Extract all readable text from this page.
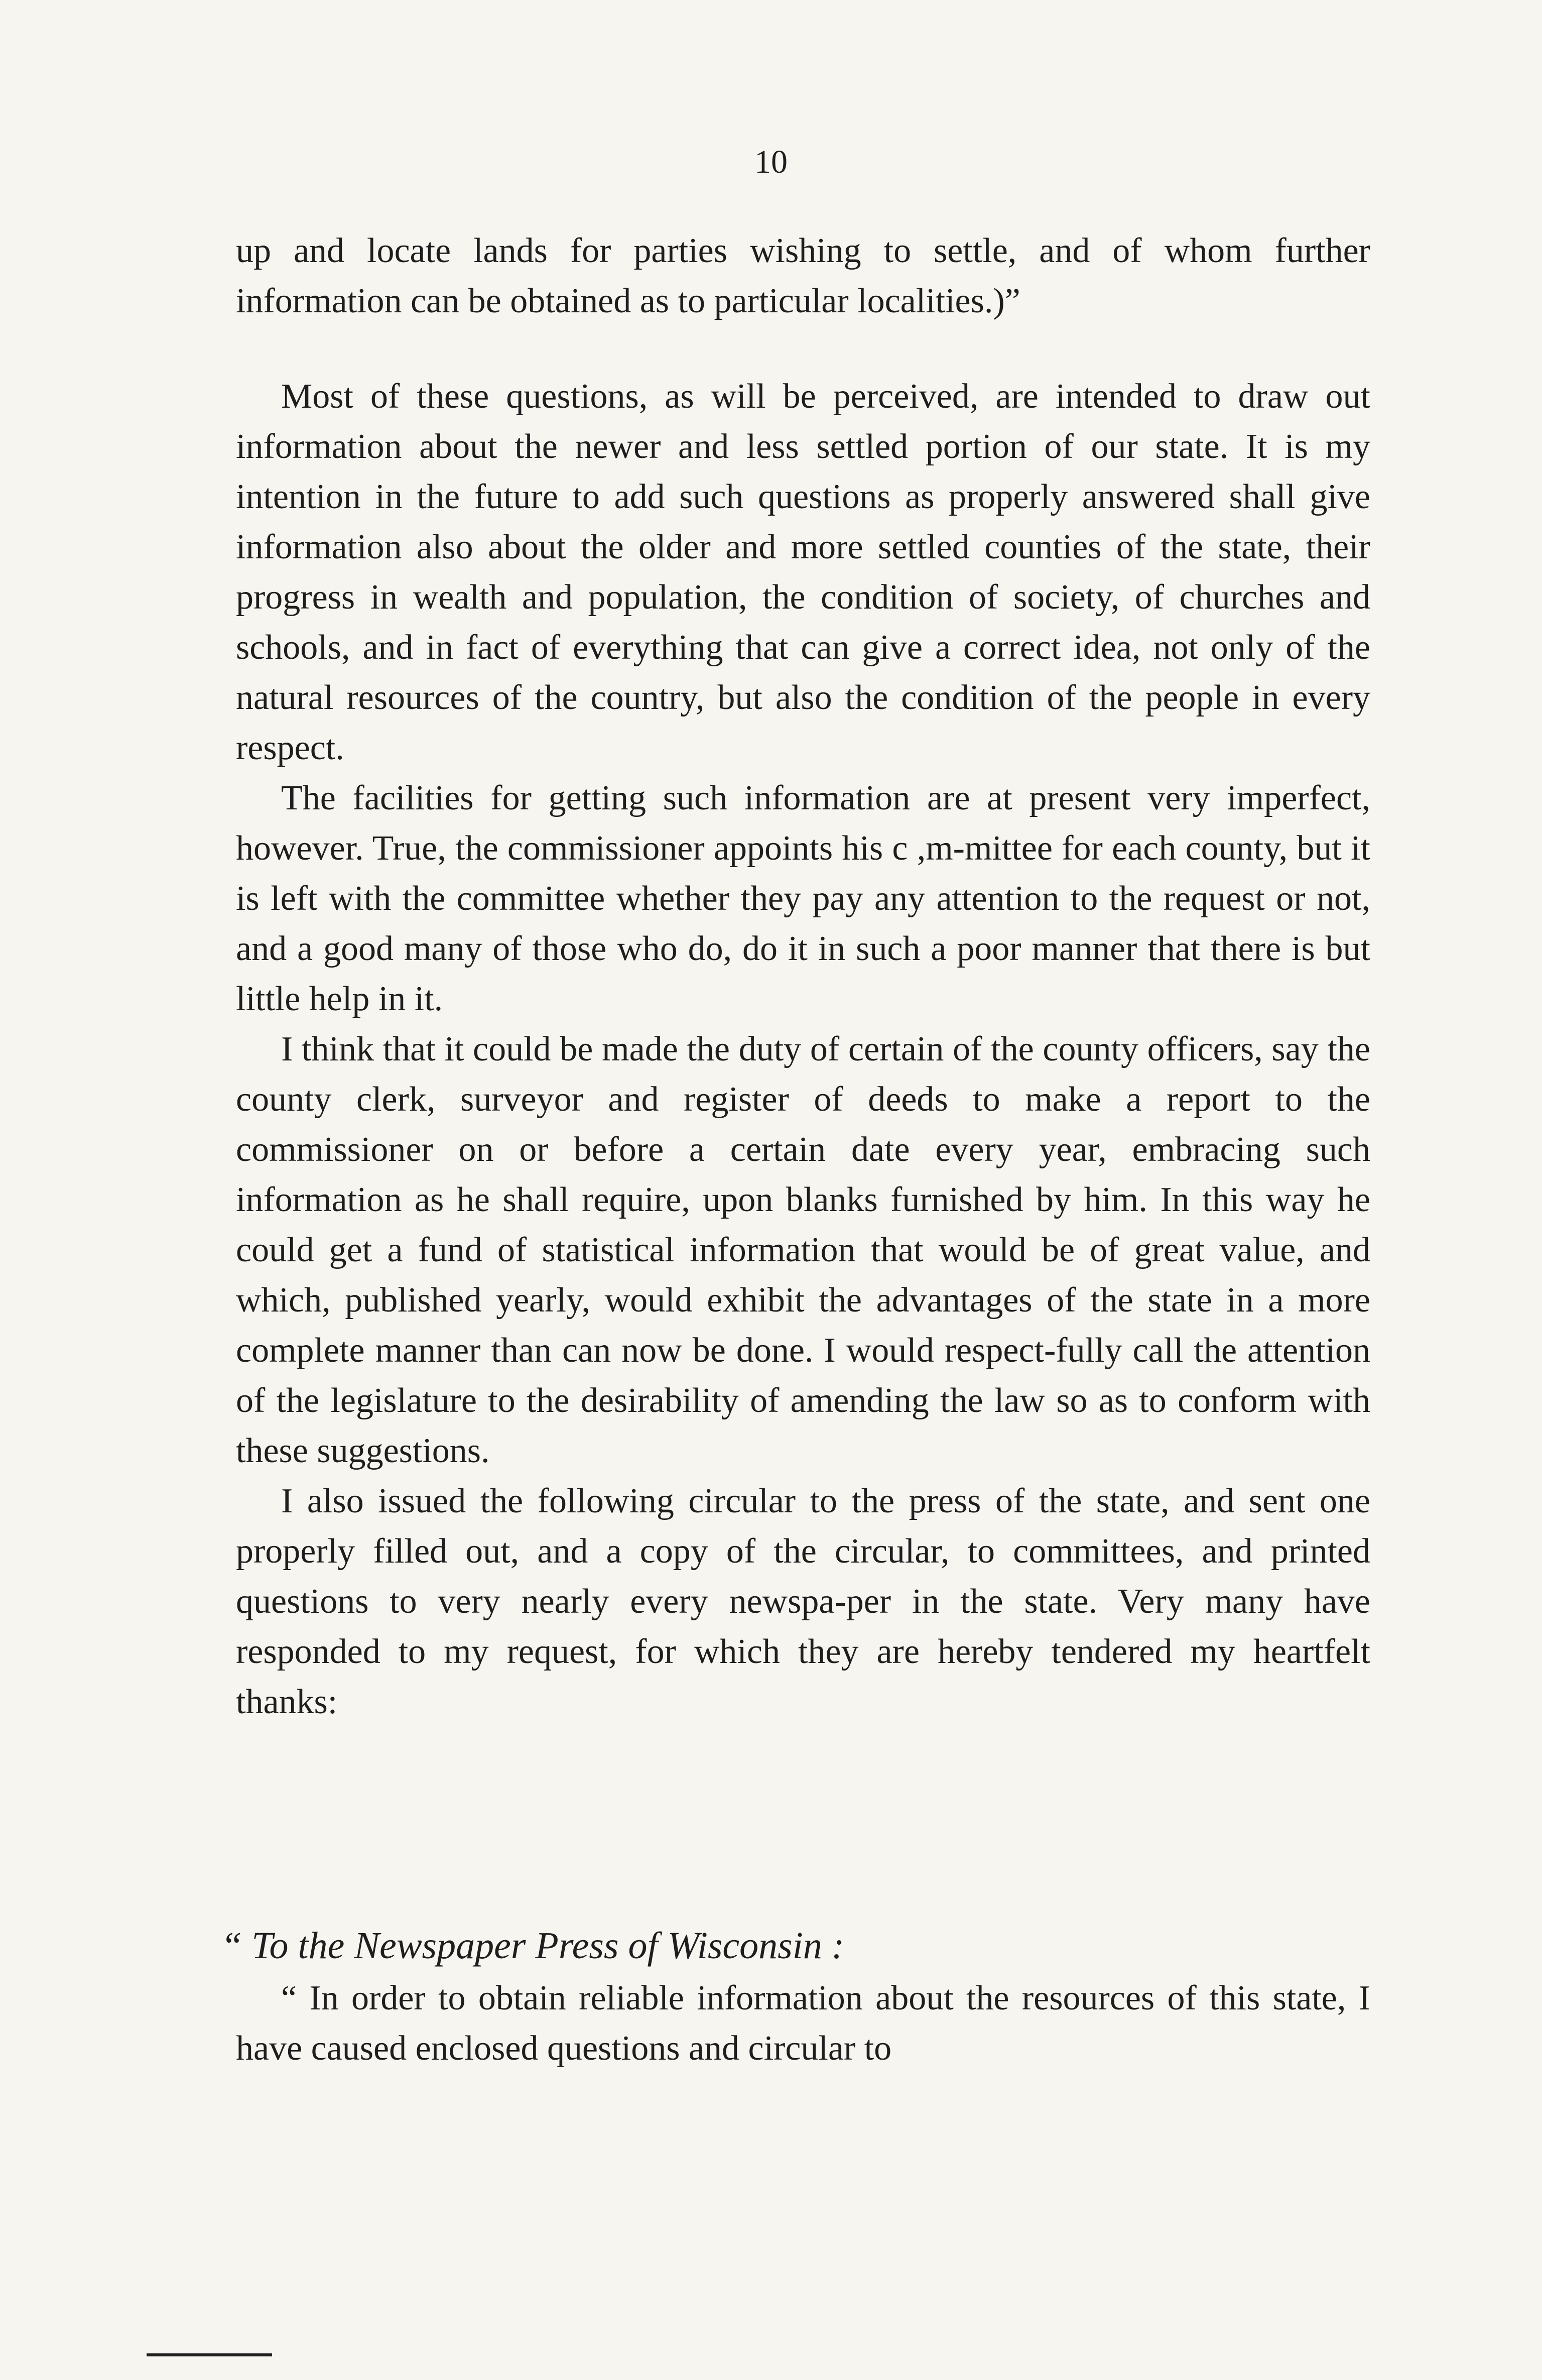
10

up and locate lands for parties wishing to settle, and of whom further information can be obtained as to particular localities.)”

Most of these questions, as will be perceived, are intended to draw out information about the newer and less settled portion of our state. It is my intention in the future to add such questions as properly answered shall give information also about the older and more settled counties of the state, their progress in wealth and population, the condition of society, of churches and schools, and in fact of everything that can give a correct idea, not only of the natural resources of the country, but also the condition of the people in every respect.

The facilities for getting such information are at present very imperfect, however. True, the commissioner appoints his c ,m-mittee for each county, but it is left with the committee whether they pay any attention to the request or not, and a good many of those who do, do it in such a poor manner that there is but little help in it.

I think that it could be made the duty of certain of the county officers, say the county clerk, surveyor and register of deeds to make a report to the commissioner on or before a certain date every year, embracing such information as he shall require, upon blanks furnished by him. In this way he could get a fund of statistical information that would be of great value, and which, published yearly, would exhibit the advantages of the state in a more complete manner than can now be done. I would respect-fully call the attention of the legislature to the desirability of amending the law so as to conform with these suggestions.

I also issued the following circular to the press of the state, and sent one properly filled out, and a copy of the circular, to committees, and printed questions to very nearly every newspa-per in the state. Very many have responded to my request, for which they are hereby tendered my heartfelt thanks:

“ To the Newspaper Press of Wisconsin :

“ In order to obtain reliable information about the resources of this state, I have caused enclosed questions and circular to
